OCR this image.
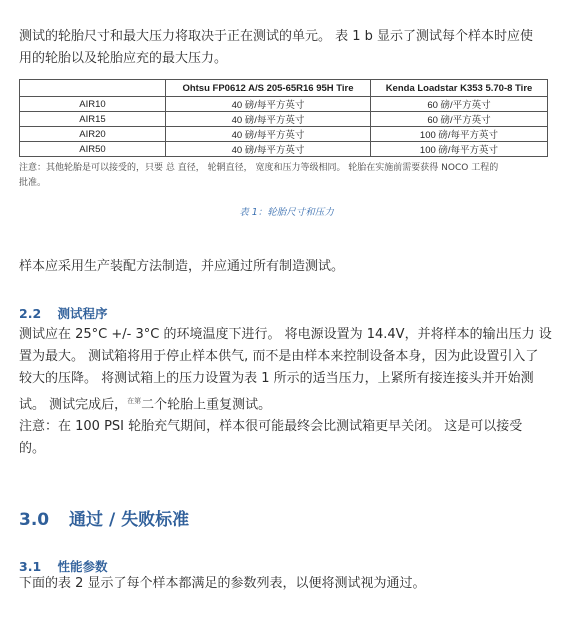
测试的轮胎尺寸和最大压力将取决于正在测试的单元。 表 1 b 显示了测试每个样本时应使
用的轮胎以及轮胎应充的最大压力。
	Ohtsu FP0612 A/S 205-65R16 95H Tire	Kenda Loadstar K353 5.70-8 Tire
AIR10	40 磅/每平方英寸	60 磅/平方英寸
AIR15	40 磅/每平方英寸	60 磅/平方英寸
AIR20	40 磅/每平方英寸	100 磅/每平方英寸
AIR50	40 磅/每平方英寸	100 磅/每平方英寸
注意：其他轮胎是可以接受的，只要 总 直径， 轮辋直径， 宽度和压力等级相同。 轮胎在实施前需要获得 NOCO 工程的
批准。
表 1：轮胎尺寸和压力
样本应采用生产装配方法制造，并应通过所有制造测试。
2.2 测试程序
测试应在 25°C +/- 3°C 的环境温度下进行。 将电源设置为 14.4V，并将样本的输出压力 设
置为最大。 测试箱将用于停止样本供气, 而不是由样本来控制设备本身，因为此设置引入了
较大的压降。 将测试箱上的压力设置为表 1 所示的适当压力，上紧所有接连接头并开始测
试。 测试完成后，$^{在第}$二个轮胎上重复测试。
注意：在 100 PSI 轮胎充气期间，样本很可能最终会比测试箱更早关闭。 这是可以接受
的。
3.0 通过 / 失败标准
3.1 性能参数
下面的表 2 显示了每个样本都满足的参数列表，以便将测试视为通过。
